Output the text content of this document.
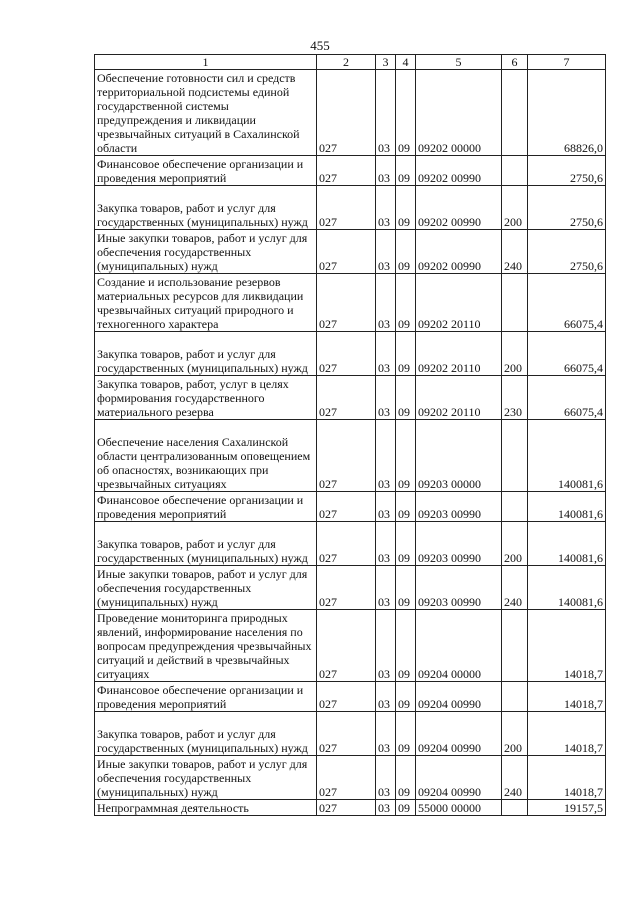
455
1	2	3	4	5	6	7
Обеспечение готовности сил и средств территориальной подсистемы единой государственной системы предупреждения и ликвидации чрезвычайных ситуаций в Сахалинской области	027	03	09	09202 00000		68826,0
Финансовое обеспечение организации и проведения мероприятий	027	03	09	09202 00990		2750,6
Закупка товаров, работ и услуг для государственных (муниципальных) нужд	027	03	09	09202 00990	200	2750,6
Иные закупки товаров, работ и услуг для обеспечения государственных (муниципальных) нужд	027	03	09	09202 00990	240	2750,6
Создание и использование резервов материальных ресурсов для ликвидации чрезвычайных ситуаций природного и техногенного характера	027	03	09	09202 20110		66075,4
Закупка товаров, работ и услуг для государственных (муниципальных) нужд	027	03	09	09202 20110	200	66075,4
Закупка товаров, работ, услуг в целях формирования государственного материального резерва	027	03	09	09202 20110	230	66075,4
Обеспечение населения Сахалинской области централизованным оповещением об опасностях, возникающих при чрезвычайных ситуациях	027	03	09	09203 00000		140081,6
Финансовое обеспечение организации и проведения мероприятий	027	03	09	09203 00990		140081,6
Закупка товаров, работ и услуг для государственных (муниципальных) нужд	027	03	09	09203 00990	200	140081,6
Иные закупки товаров, работ и услуг для обеспечения государственных (муниципальных) нужд	027	03	09	09203 00990	240	140081,6
Проведение мониторинга природных явлений, информирование населения по вопросам предупреждения чрезвычайных ситуаций и действий в чрезвычайных ситуациях	027	03	09	09204 00000		14018,7
Финансовое обеспечение организации и проведения мероприятий	027	03	09	09204 00990		14018,7
Закупка товаров, работ и услуг для государственных (муниципальных) нужд	027	03	09	09204 00990	200	14018,7
Иные закупки товаров, работ и услуг для обеспечения государственных (муниципальных) нужд	027	03	09	09204 00990	240	14018,7
Непрограммная деятельность	027	03	09	55000 00000		19157,5
